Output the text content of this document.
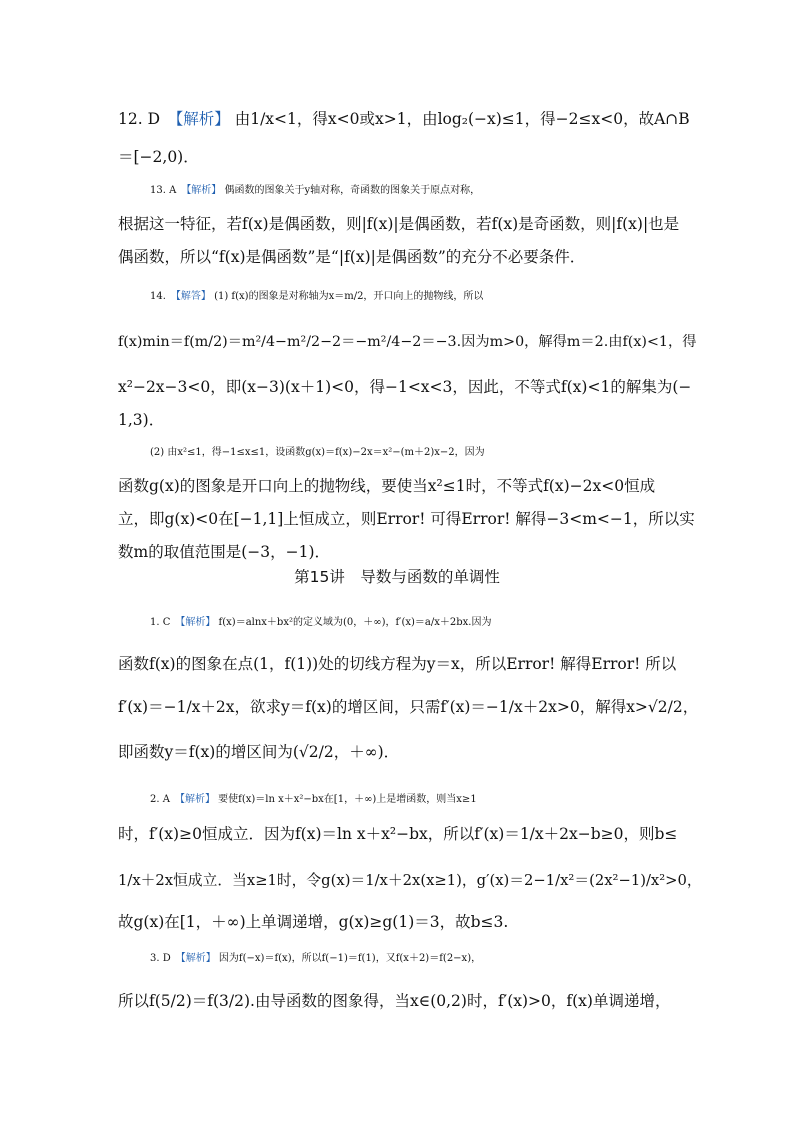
12. D　【解析】 由1/x<1，得x<0或x>1，由log₂(−x)≤1，得−2≤x<0，故A∩B
＝[−2,0)．
13. A　【解析】 偶函数的图象关于y轴对称，奇函数的图象关于原点对称，
根据这一特征，若f(x)是偶函数，则|f(x)|是偶函数，若f(x)是奇函数，则|f(x)|也是
偶函数，所以“f(x)是偶函数”是“|f(x)|是偶函数”的充分不必要条件．
14.　【解答】 (1) f(x)的图象是对称轴为x＝m/2，开口向上的抛物线，所以
f(x)min＝f(m/2)＝m²/4−m²/2−2＝−m²/4−2＝−3.因为m>0，解得m＝2.由f(x)<1，得
x²−2x−3<0，即(x−3)(x＋1)<0，得−1<x<3，因此，不等式f(x)<1的解集为(−
1,3)．
(2) 由x²≤1，得−1≤x≤1，设函数g(x)＝f(x)−2x＝x²−(m＋2)x−2，因为
函数g(x)的图象是开口向上的抛物线，要使当x²≤1时，不等式f(x)−2x<0恒成
立，即g(x)<0在[−1,1]上恒成立，则Error! 可得Error! 解得−3<m<−1，所以实
数m的取值范围是(−3，−1)．
第15讲　导数与函数的单调性
1. C　【解析】 f(x)＝alnx＋bx²的定义域为(0，＋∞)，f′(x)＝a/x＋2bx.因为
函数f(x)的图象在点(1，f(1))处的切线方程为y＝x，所以Error! 解得Error! 所以
f′(x)＝−1/x＋2x，欲求y＝f(x)的增区间，只需f′(x)＝−1/x＋2x>0，解得x>√2/2，
即函数y＝f(x)的增区间为(√2/2，＋∞)．
2. A　【解析】 要使f(x)＝ln x＋x²−bx在[1，＋∞)上是增函数，则当x≥1
时，f′(x)≥0恒成立．因为f(x)＝ln x＋x²−bx，所以f′(x)＝1/x＋2x−b≥0，则b≤
1/x＋2x恒成立．当x≥1时，令g(x)＝1/x＋2x(x≥1)，g′(x)＝2−1/x²＝(2x²−1)/x²>0，
故g(x)在[1，＋∞)上单调递增，g(x)≥g(1)＝3，故b≤3.
3. D　【解析】 因为f(−x)＝f(x)，所以f(−1)＝f(1)，又f(x＋2)＝f(2−x)，
所以f(5/2)＝f(3/2).由导函数的图象得，当x∈(0,2)时，f′(x)>0，f(x)单调递增，
